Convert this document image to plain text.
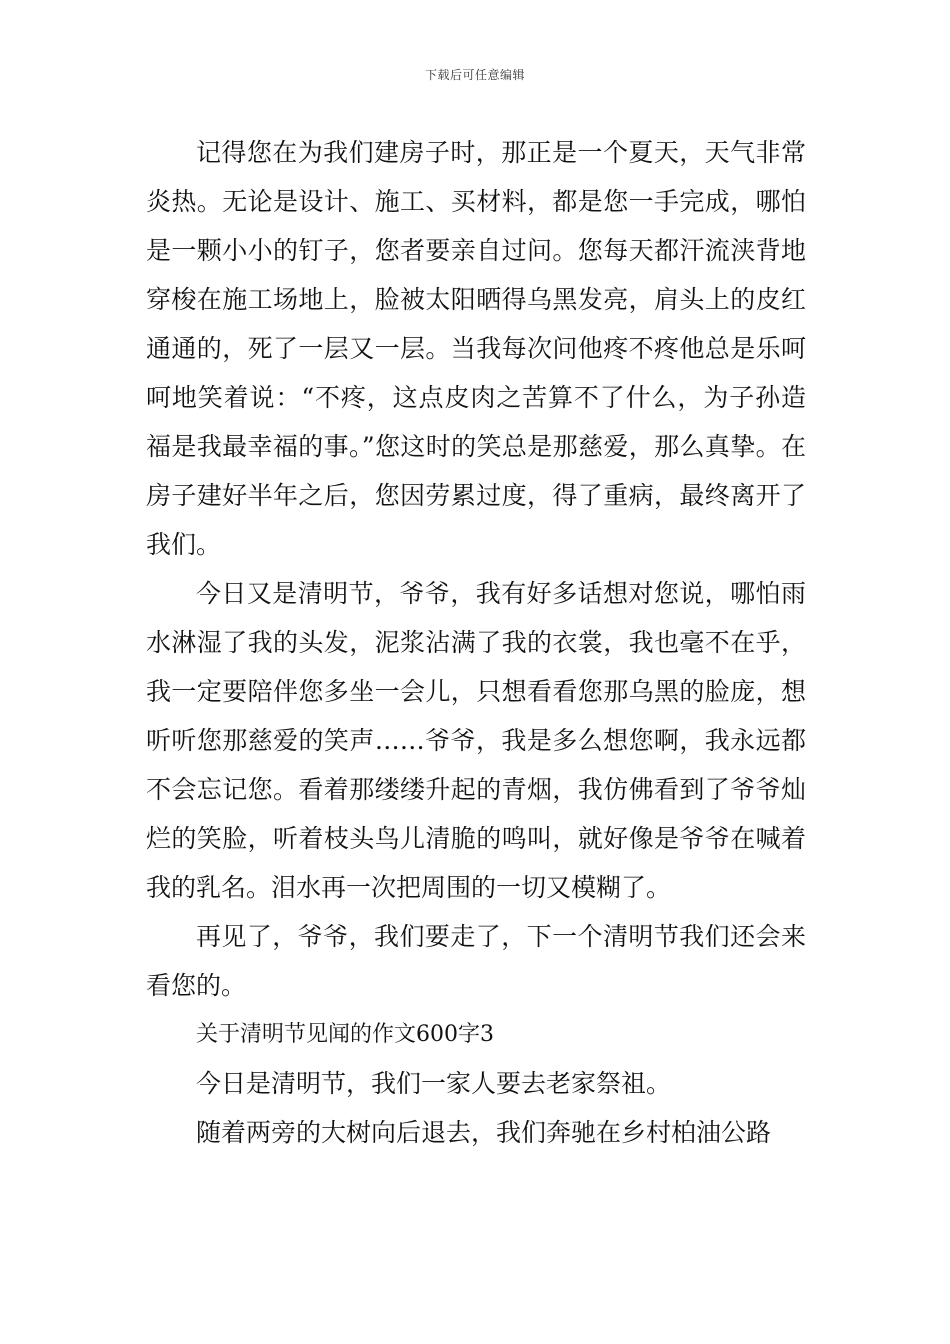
下载后可任意编辑

记得您在为我们建房子时，那正是一个夏天，天气非常炎热。无论是设计、施工、买材料，都是您一手完成，哪怕是一颗小小的钉子，您者要亲自过问。您每天都汗流浃背地穿梭在施工场地上，脸被太阳晒得乌黑发亮，肩头上的皮红通通的，死了一层又一层。当我每次问他疼不疼他总是乐呵呵地笑着说：“不疼，这点皮肉之苦算不了什么，为子孙造福是我最幸福的事。”您这时的笑总是那慈爱，那么真挚。在房子建好半年之后，您因劳累过度，得了重病，最终离开了我们。

今日又是清明节，爷爷，我有好多话想对您说，哪怕雨水淋湿了我的头发，泥浆沾满了我的衣裳，我也毫不在乎，我一定要陪伴您多坐一会儿，只想看看您那乌黑的脸庞，想听听您那慈爱的笑声……爷爷，我是多么想您啊，我永远都不会忘记您。看着那缕缕升起的青烟，我仿佛看到了爷爷灿烂的笑脸，听着枝头鸟儿清脆的鸣叫，就好像是爷爷在喊着我的乳名。泪水再一次把周围的一切又模糊了。

再见了，爷爷，我们要走了，下一个清明节我们还会来看您的。

关于清明节见闻的作文600字3

今日是清明节，我们一家人要去老家祭祖。

随着两旁的大树向后退去，我们奔驰在乡村柏油公路
